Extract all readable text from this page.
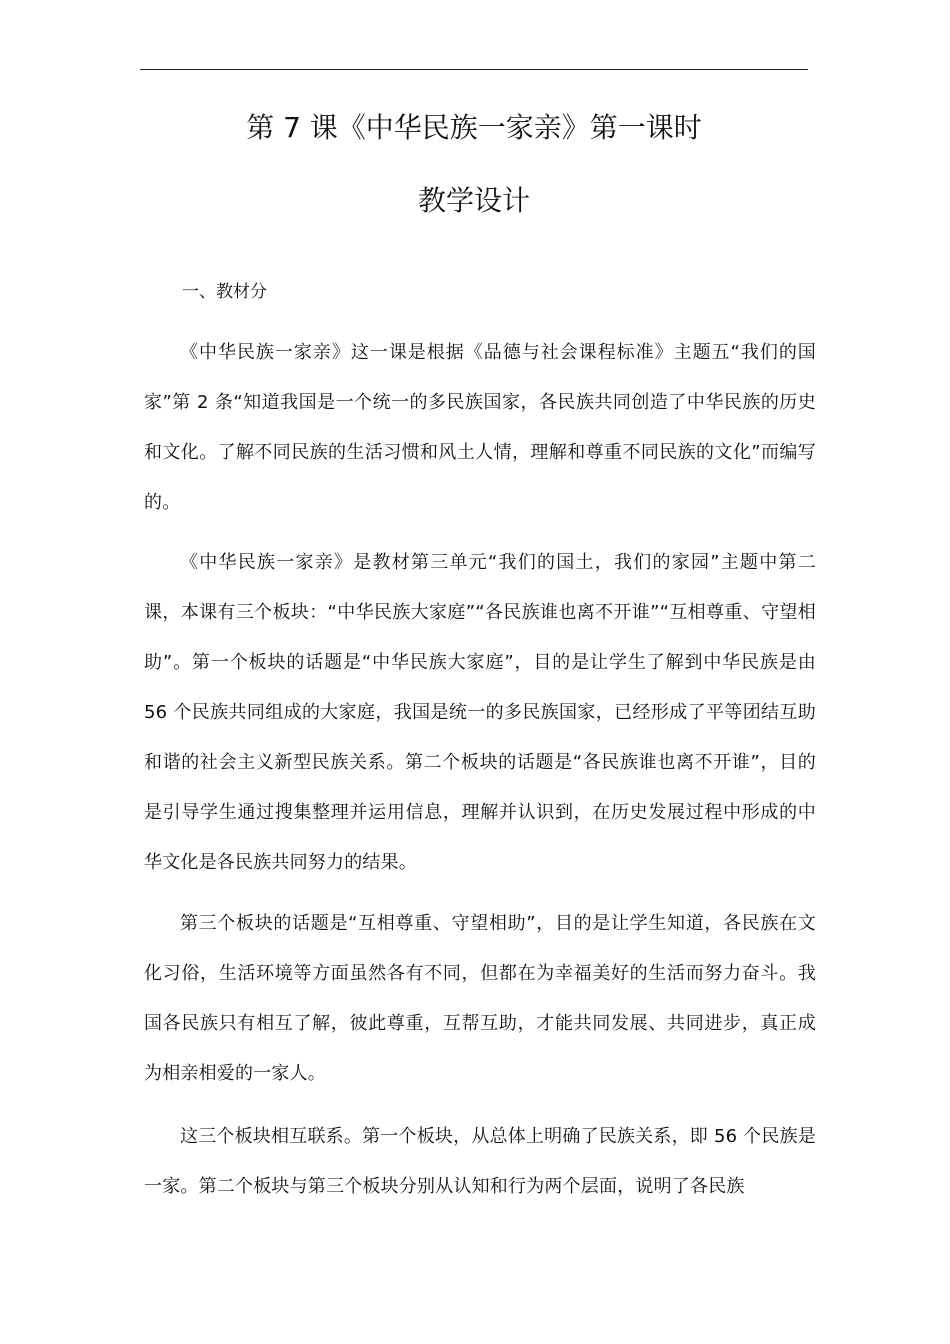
第 7 课《中华民族一家亲》第一课时
教学设计
一、教材分

《中华民族一家亲》这一课是根据《品德与社会课程标准》主题五“我们的国家”第 2 条“知道我国是一个统一的多民族国家，各民族共同创造了中华民族的历史和文化。了解不同民族的生活习惯和风土人情，理解和尊重不同民族的文化”而编写的。

《中华民族一家亲》是教材第三单元“我们的国土，我们的家园”主题中第二课，本课有三个板块：“中华民族大家庭”“各民族谁也离不开谁”“互相尊重、守望相助”。第一个板块的话题是“中华民族大家庭”，目的是让学生了解到中华民族是由 56 个民族共同组成的大家庭，我国是统一的多民族国家，已经形成了平等团结互助和谐的社会主义新型民族关系。第二个板块的话题是“各民族谁也离不开谁”，目的是引导学生通过搜集整理并运用信息，理解并认识到，在历史发展过程中形成的中华文化是各民族共同努力的结果。

第三个板块的话题是“互相尊重、守望相助”，目的是让学生知道，各民族在文化习俗，生活环境等方面虽然各有不同，但都在为幸福美好的生活而努力奋斗。我国各民族只有相互了解，彼此尊重，互帮互助，才能共同发展、共同进步，真正成为相亲相爱的一家人。

这三个板块相互联系。第一个板块，从总体上明确了民族关系，即 56 个民族是一家。第二个板块与第三个板块分别从认知和行为两个层面，说明了各民族
